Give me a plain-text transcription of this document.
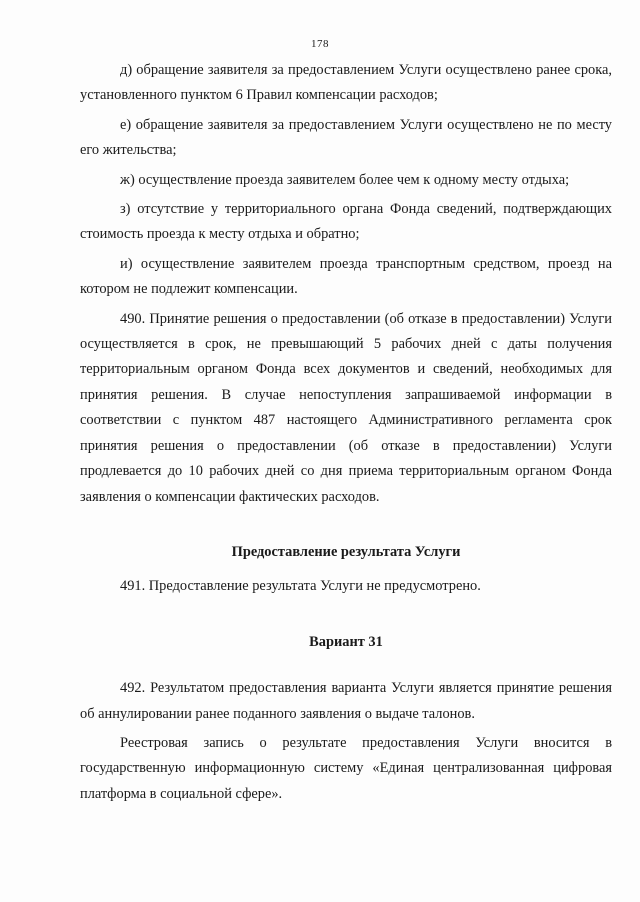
178

д) обращение заявителя за предоставлением Услуги осуществлено ранее срока, установленного пунктом 6 Правил компенсации расходов;

е) обращение заявителя за предоставлением Услуги осуществлено не по месту его жительства;

ж) осуществление проезда заявителем более чем к одному месту отдыха;

з) отсутствие у территориального органа Фонда сведений, подтверждающих стоимость проезда к месту отдыха и обратно;

и) осуществление заявителем проезда транспортным средством, проезд на котором не подлежит компенсации.

490. Принятие решения о предоставлении (об отказе в предоставлении) Услуги осуществляется в срок, не превышающий 5 рабочих дней с даты получения территориальным органом Фонда всех документов и сведений, необходимых для принятия решения. В случае непоступления запрашиваемой информации в соответствии с пунктом 487 настоящего Административного регламента срок принятия решения о предоставлении (об отказе в предоставлении) Услуги продлевается до 10 рабочих дней со дня приема территориальным органом Фонда заявления о компенсации фактических расходов.

Предоставление результата Услуги

491. Предоставление результата Услуги не предусмотрено.

Вариант 31

492. Результатом предоставления варианта Услуги является принятие решения об аннулировании ранее поданного заявления о выдаче талонов.

Реестровая запись о результате предоставления Услуги вносится в государственную информационную систему «Единая централизованная цифровая платформа в социальной сфере».
